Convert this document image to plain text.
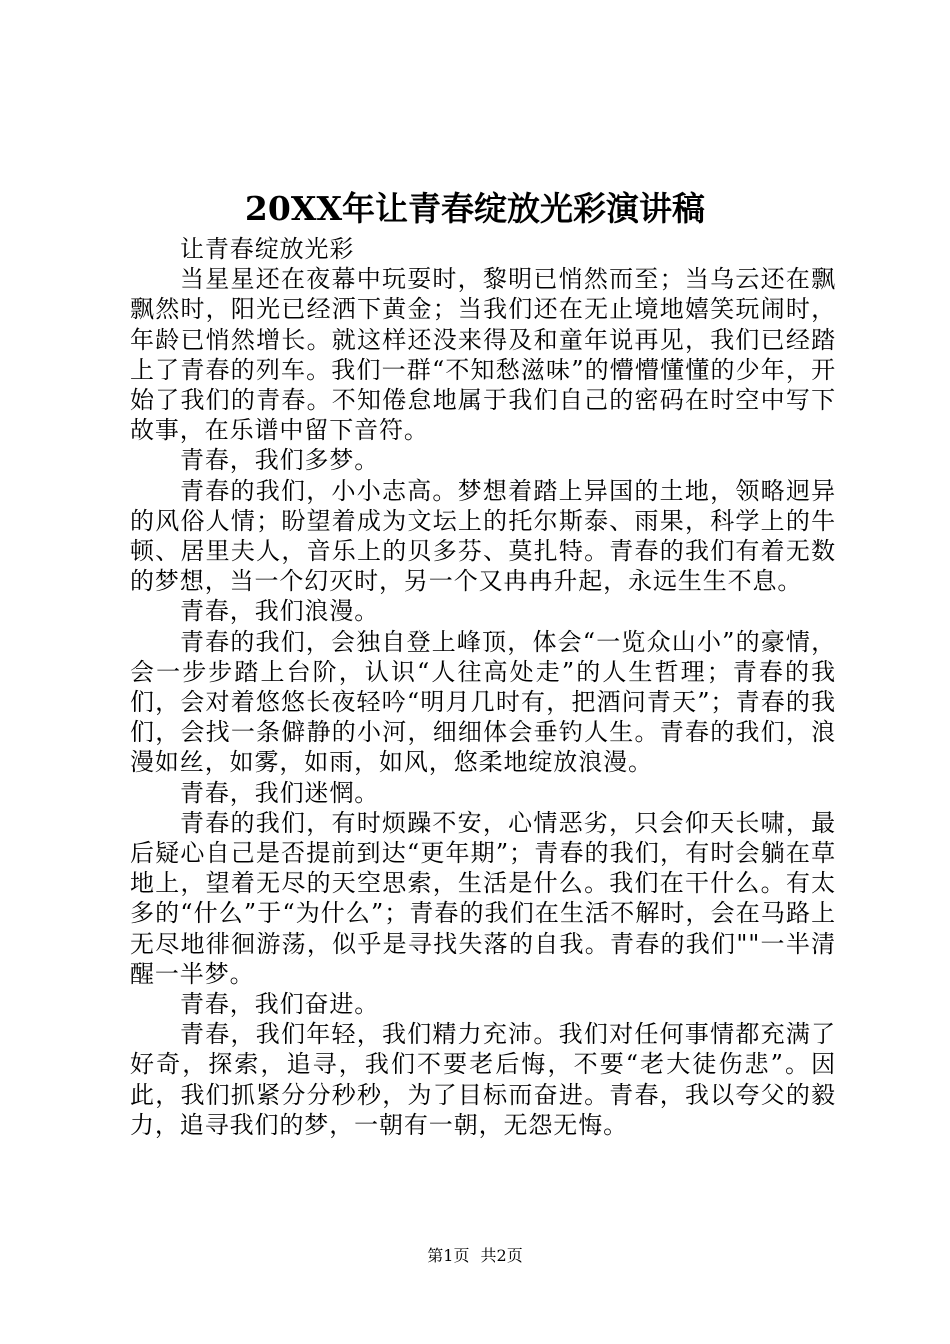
20XX年让青春绽放光彩演讲稿

让青春绽放光彩

当星星还在夜幕中玩耍时，黎明已悄然而至；当乌云还在飘飘然时，阳光已经洒下黄金；当我们还在无止境地嬉笑玩闹时，年龄已悄然增长。就这样还没来得及和童年说再见，我们已经踏上了青春的列车。我们一群“不知愁滋味”的懵懵懂懂的少年，开始了我们的青春。不知倦怠地属于我们自己的密码在时空中写下故事，在乐谱中留下音符。

青春，我们多梦。

青春的我们，小小志高。梦想着踏上异国的土地，领略迥异的风俗人情；盼望着成为文坛上的托尔斯泰、雨果，科学上的牛顿、居里夫人，音乐上的贝多芬、莫扎特。青春的我们有着无数的梦想，当一个幻灭时，另一个又冉冉升起，永远生生不息。

青春，我们浪漫。

青春的我们，会独自登上峰顶，体会“一览众山小”的豪情，会一步步踏上台阶，认识“人往高处走”的人生哲理；青春的我们，会对着悠悠长夜轻吟“明月几时有，把酒问青天”；青春的我们，会找一条僻静的小河，细细体会垂钓人生。青春的我们，浪漫如丝，如雾，如雨，如风，悠柔地绽放浪漫。

青春，我们迷惘。

青春的我们，有时烦躁不安，心情恶劣，只会仰天长啸，最后疑心自己是否提前到达“更年期”；青春的我们，有时会躺在草地上，望着无尽的天空思索，生活是什么。我们在干什么。有太多的“什么”于“为什么”；青春的我们在生活不解时，会在马路上无尽地徘徊游荡，似乎是寻找失落的自我。青春的我们""一半清醒一半梦。

青春，我们奋进。

青春，我们年轻，我们精力充沛。我们对任何事情都充满了好奇，探索，追寻，我们不要老后悔，不要“老大徒伤悲”。因此，我们抓紧分分秒秒，为了目标而奋进。青春，我以夸父的毅力，追寻我们的梦，一朝有一朝，无怨无悔。

第1页 共2页
